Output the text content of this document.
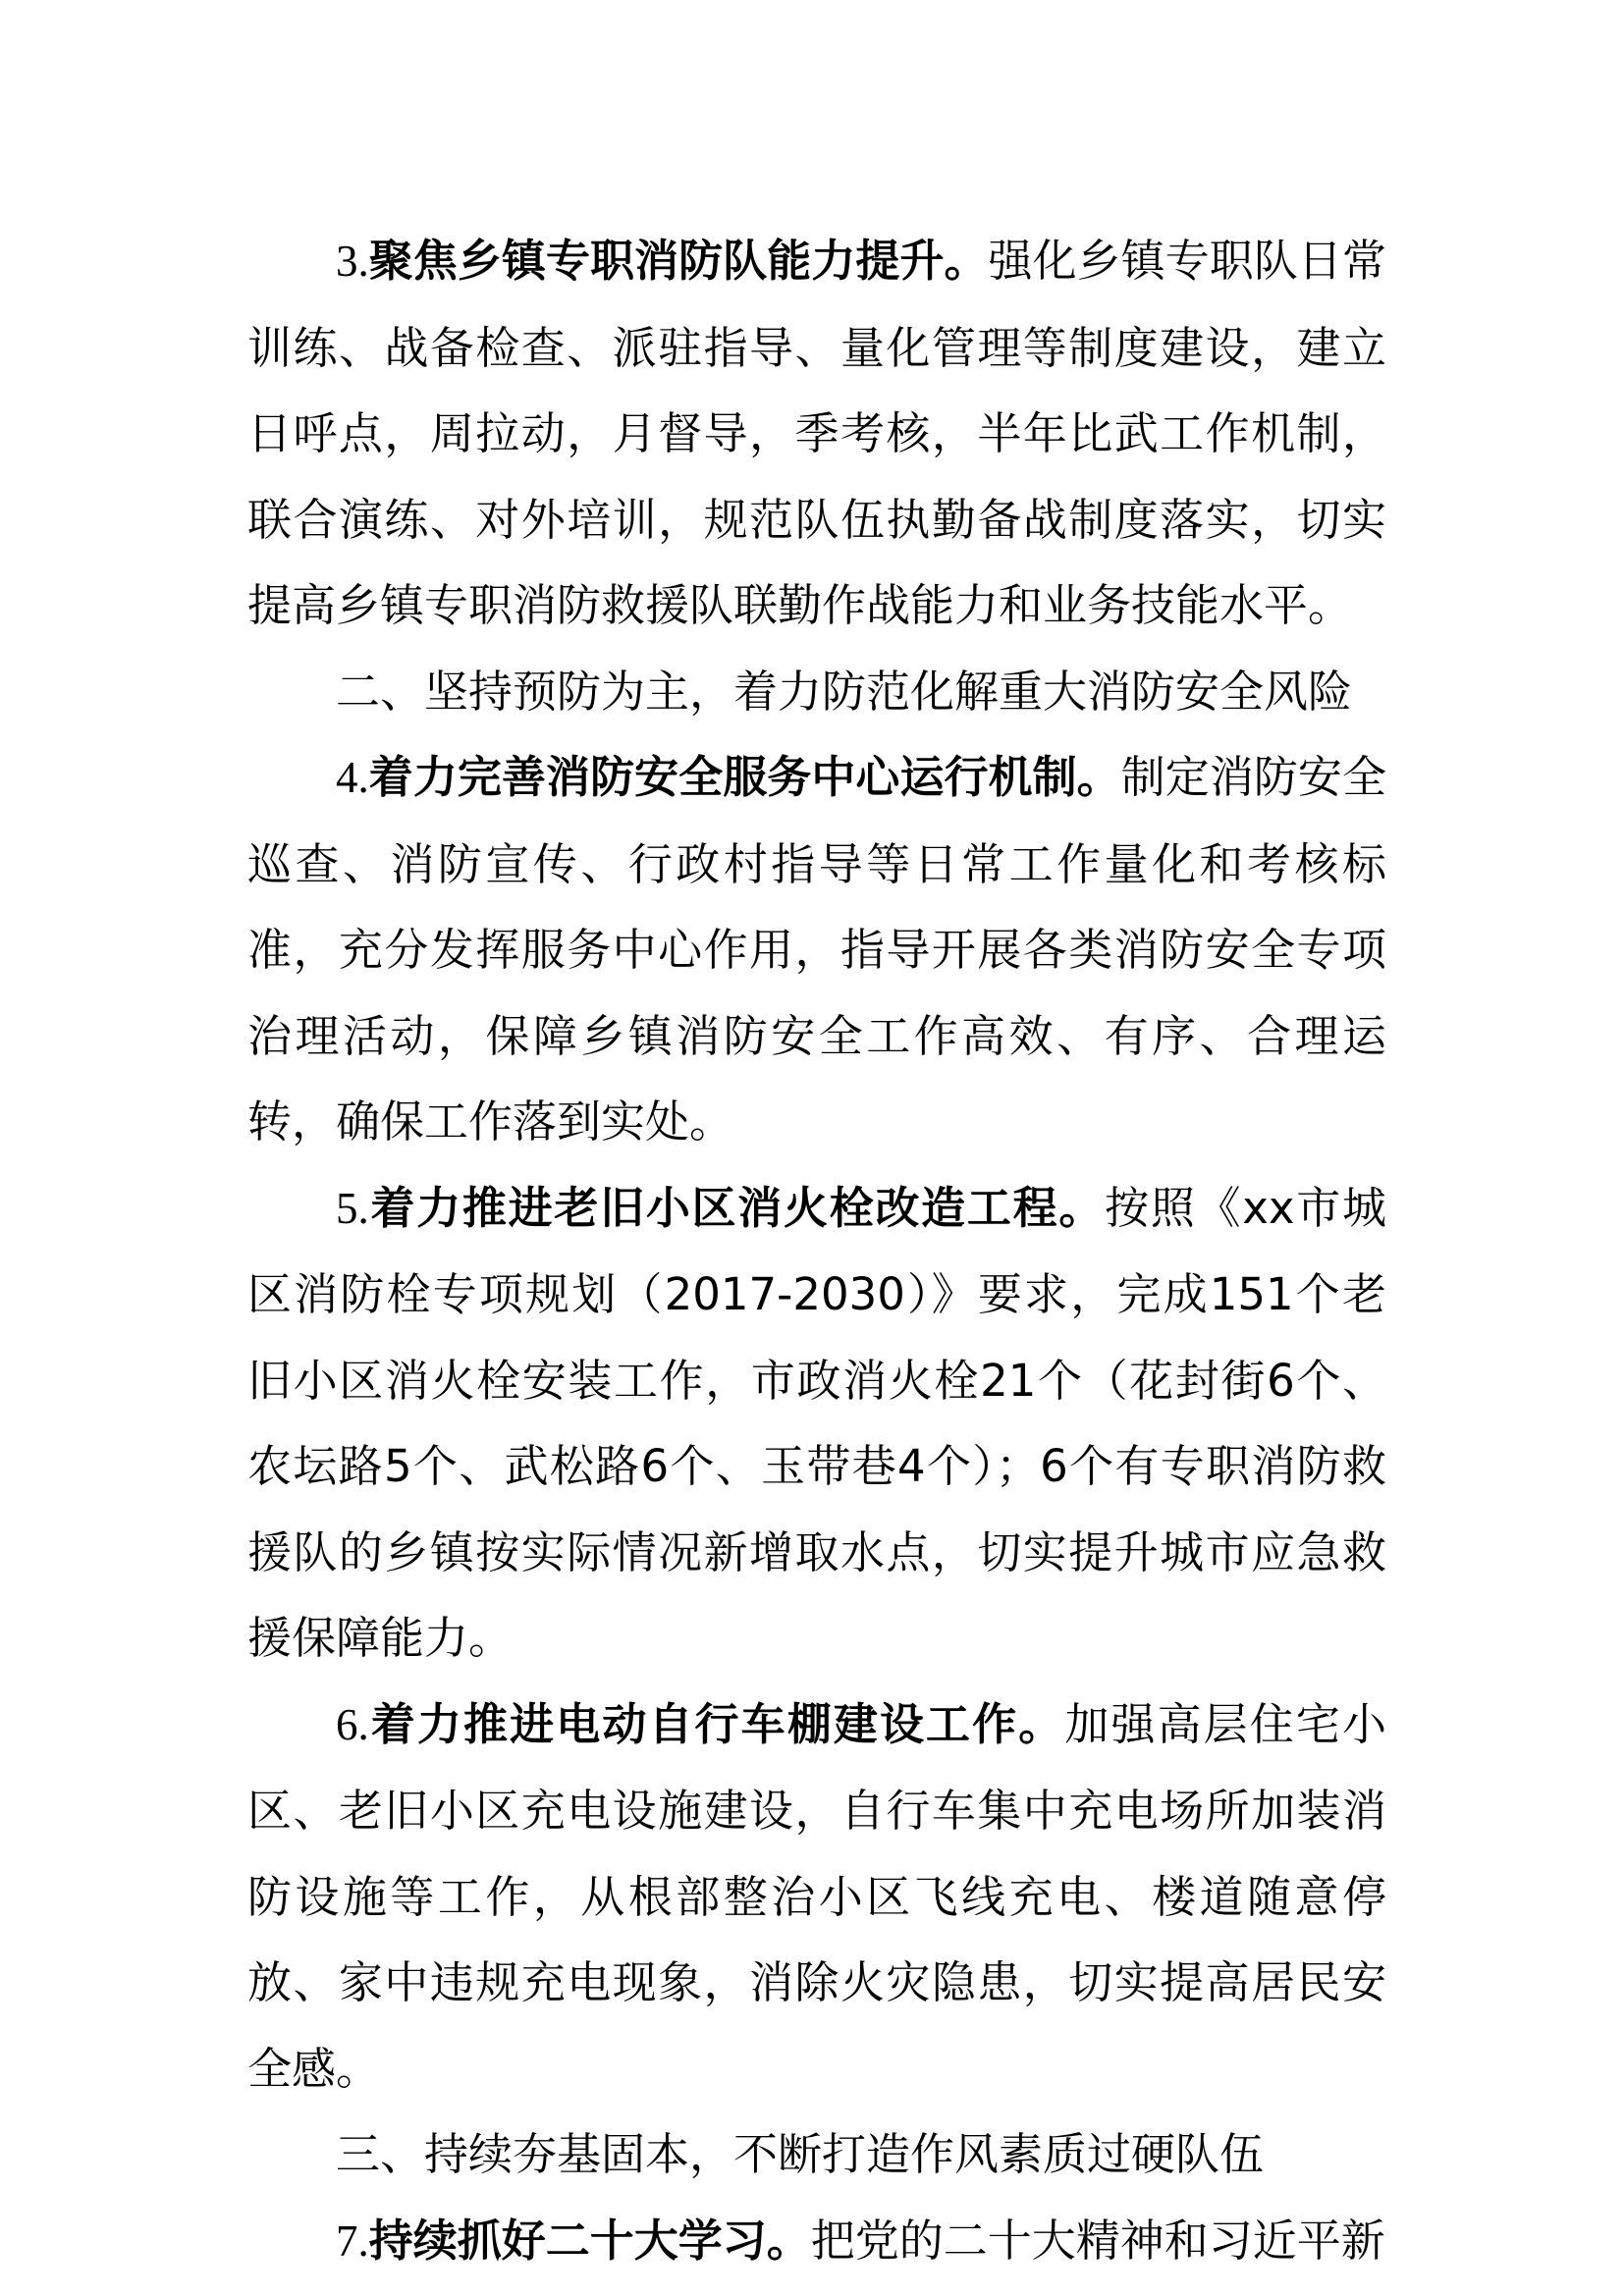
3.聚焦乡镇专职消防队能力提升。强化乡镇专职队日常训练、战备检查、派驻指导、量化管理等制度建设，建立日呼点，周拉动，月督导，季考核，半年比武工作机制，联合演练、对外培训，规范队伍执勤备战制度落实，切实提高乡镇专职消防救援队联勤作战能力和业务技能水平。

二、坚持预防为主，着力防范化解重大消防安全风险

4.着力完善消防安全服务中心运行机制。制定消防安全巡查、消防宣传、行政村指导等日常工作量化和考核标准，充分发挥服务中心作用，指导开展各类消防安全专项治理活动，保障乡镇消防安全工作高效、有序、合理运转，确保工作落到实处。

5.着力推进老旧小区消火栓改造工程。按照《xx市城区消防栓专项规划（2017-2030）》要求，完成151个老旧小区消火栓安装工作，市政消火栓21个（花封街6个、农坛路5个、武松路6个、玉带巷4个）；6个有专职消防救援队的乡镇按实际情况新增取水点，切实提升城市应急救援保障能力。

6.着力推进电动自行车棚建设工作。加强高层住宅小区、老旧小区充电设施建设，自行车集中充电场所加装消防设施等工作，从根部整治小区飞线充电、楼道随意停放、家中违规充电现象，消除火灾隐患，切实提高居民安全感。

三、持续夯基固本，不断打造作风素质过硬队伍

7.持续抓好二十大学习。把党的二十大精神和习近平新
